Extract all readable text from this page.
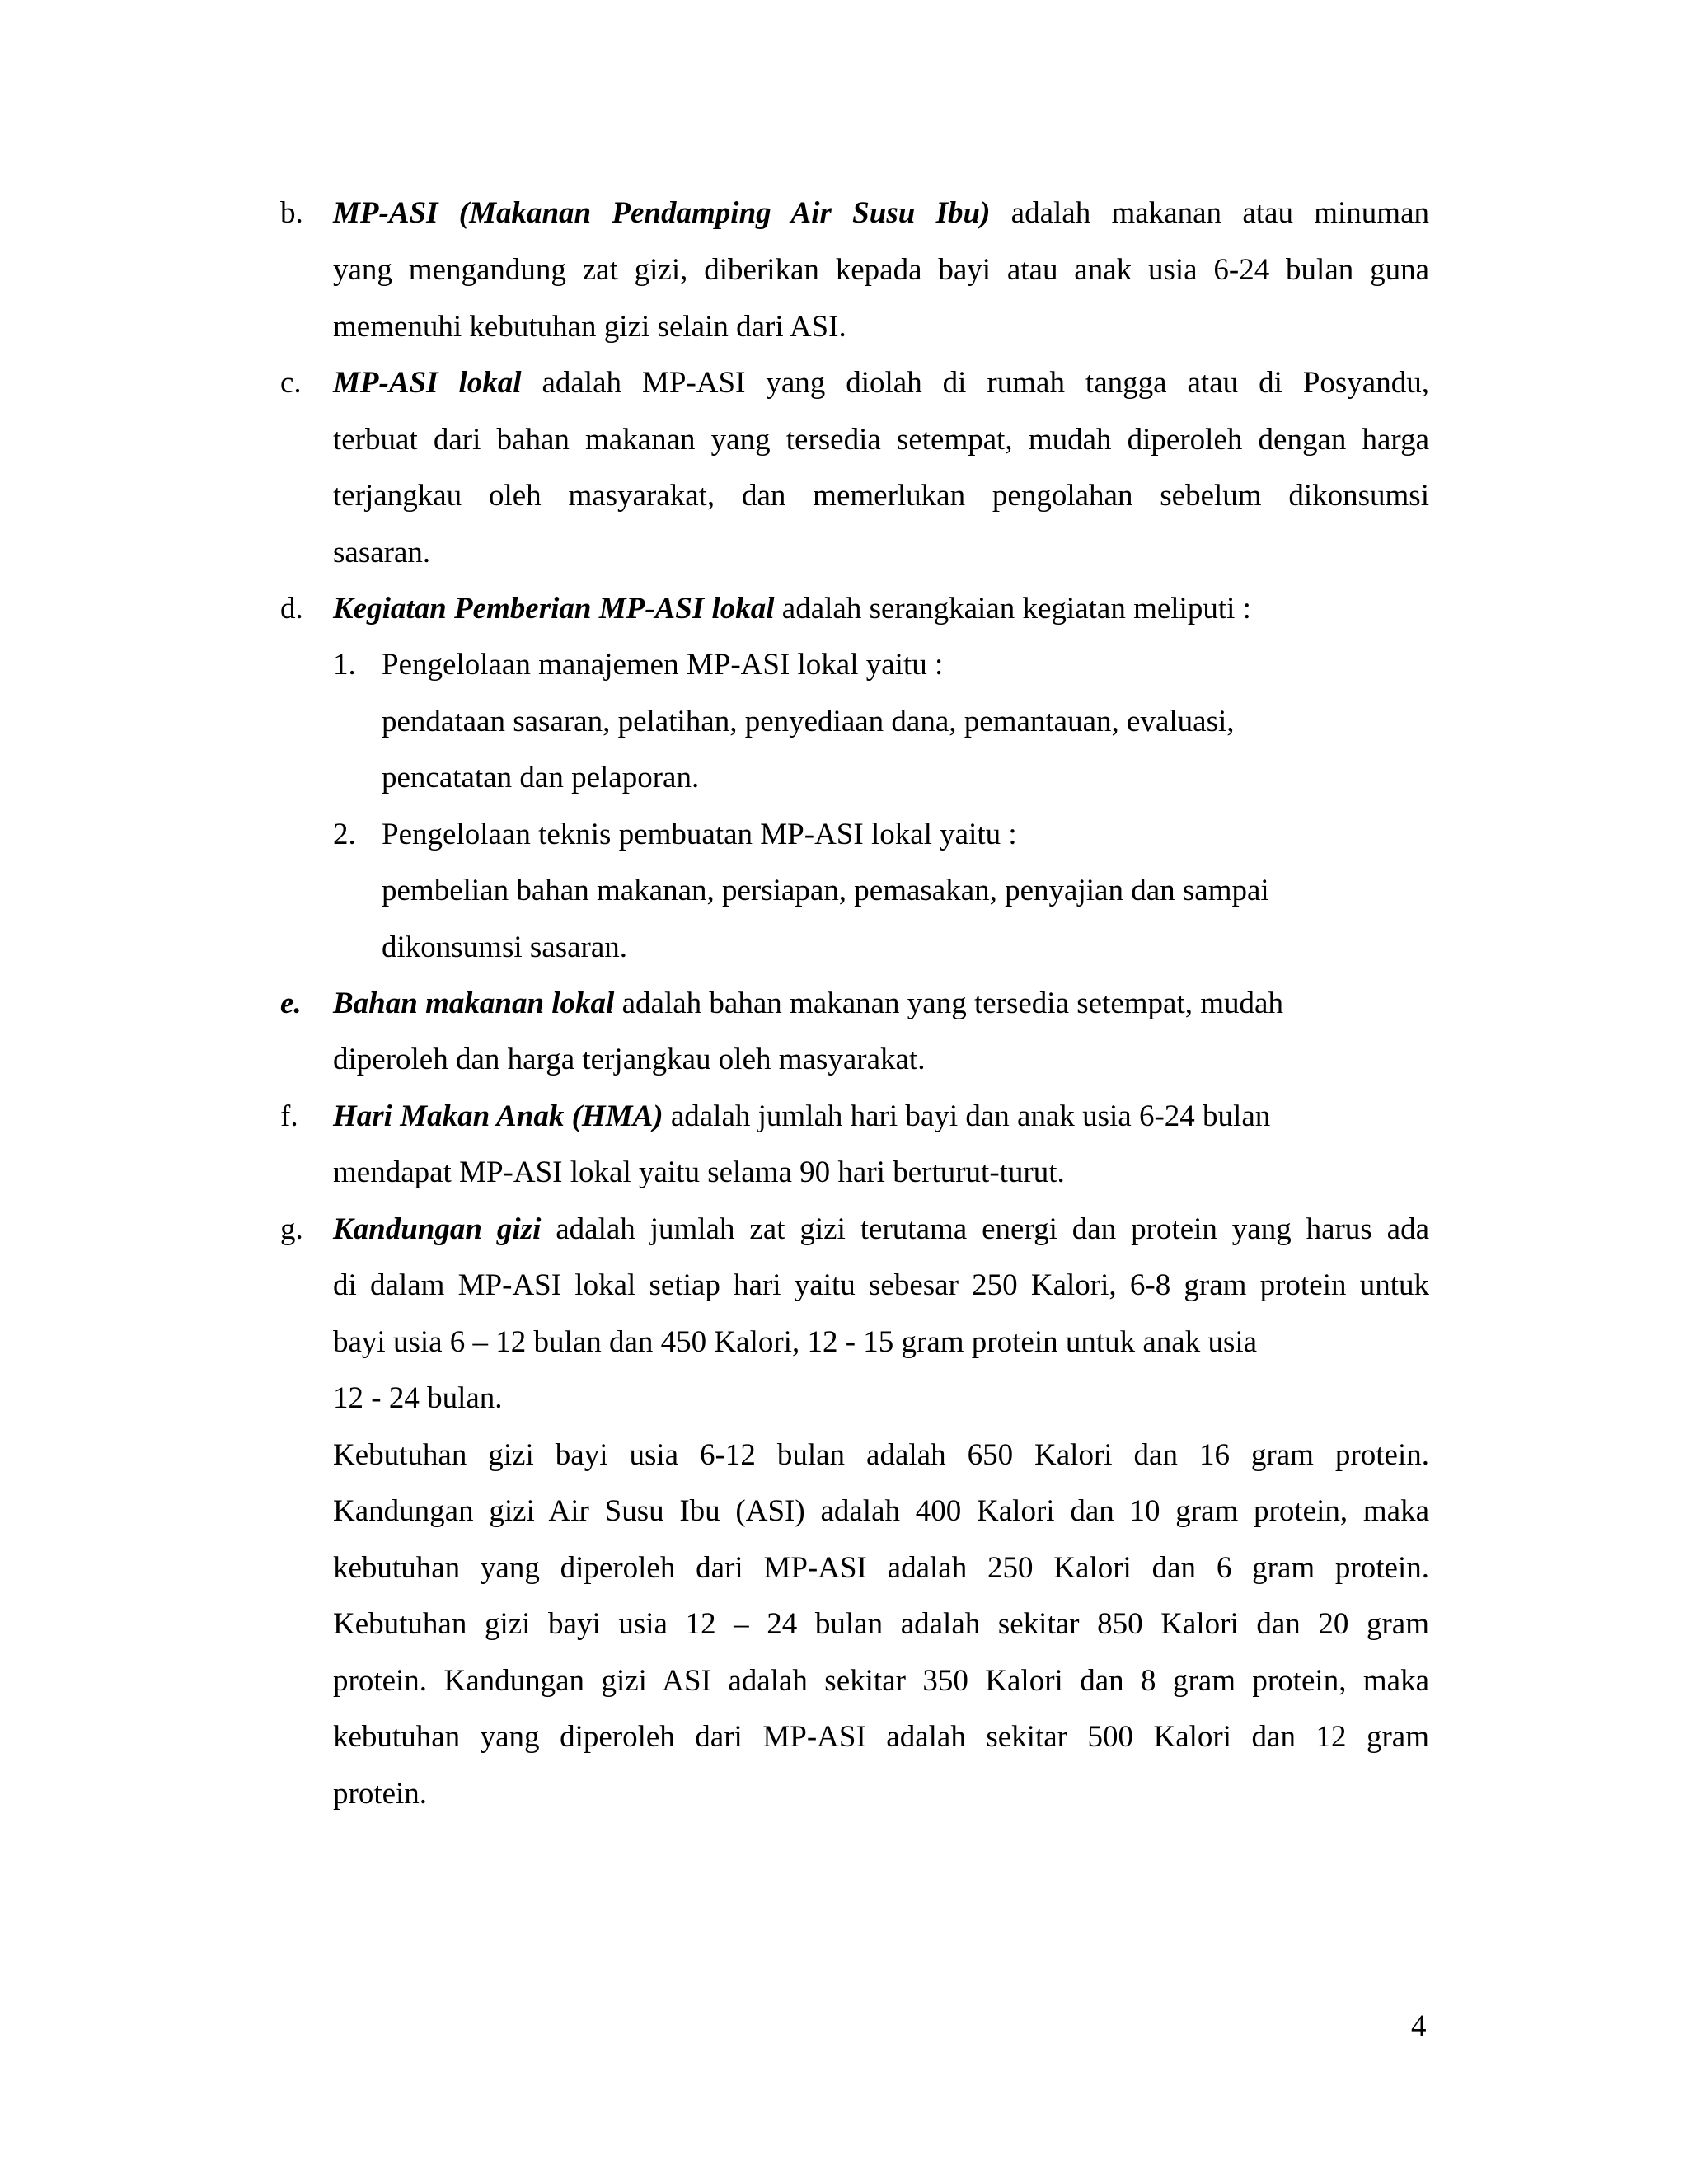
b. MP-ASI (Makanan Pendamping Air Susu Ibu) adalah makanan atau minuman
yang mengandung zat gizi, diberikan kepada bayi atau anak usia 6-24 bulan guna
memenuhi kebutuhan gizi selain dari ASI.
c. MP-ASI lokal adalah MP-ASI yang diolah di rumah tangga atau di Posyandu,
terbuat dari bahan makanan yang tersedia setempat, mudah diperoleh dengan harga
terjangkau oleh masyarakat, dan memerlukan pengolahan sebelum dikonsumsi
sasaran.
d. Kegiatan Pemberian MP-ASI lokal adalah serangkaian kegiatan meliputi :
1. Pengelolaan manajemen MP-ASI lokal yaitu :
pendataan sasaran, pelatihan, penyediaan dana, pemantauan, evaluasi,
pencatatan dan pelaporan.
2. Pengelolaan teknis pembuatan MP-ASI lokal yaitu :
pembelian bahan makanan, persiapan, pemasakan, penyajian dan sampai
dikonsumsi sasaran.
e. Bahan makanan lokal adalah bahan makanan yang tersedia setempat, mudah
diperoleh dan harga terjangkau oleh masyarakat.
f. Hari Makan Anak (HMA) adalah jumlah hari bayi dan anak usia 6-24 bulan
mendapat MP-ASI lokal yaitu selama 90 hari berturut-turut.
g. Kandungan gizi adalah jumlah zat gizi terutama energi dan protein yang harus ada
di dalam MP-ASI lokal setiap hari yaitu sebesar 250 Kalori, 6-8 gram protein untuk
bayi usia 6 – 12 bulan dan 450 Kalori, 12 - 15 gram protein untuk anak usia
12 - 24 bulan.
Kebutuhan gizi bayi usia 6-12 bulan adalah 650 Kalori dan 16 gram protein.
Kandungan gizi Air Susu Ibu (ASI) adalah 400 Kalori dan 10 gram protein, maka
kebutuhan yang diperoleh dari MP-ASI adalah 250 Kalori dan 6 gram protein.
Kebutuhan gizi bayi usia 12 – 24 bulan adalah sekitar 850 Kalori dan 20 gram
protein. Kandungan gizi ASI adalah sekitar 350 Kalori dan 8 gram protein, maka
kebutuhan yang diperoleh dari MP-ASI adalah sekitar 500 Kalori dan 12 gram
protein.
4
